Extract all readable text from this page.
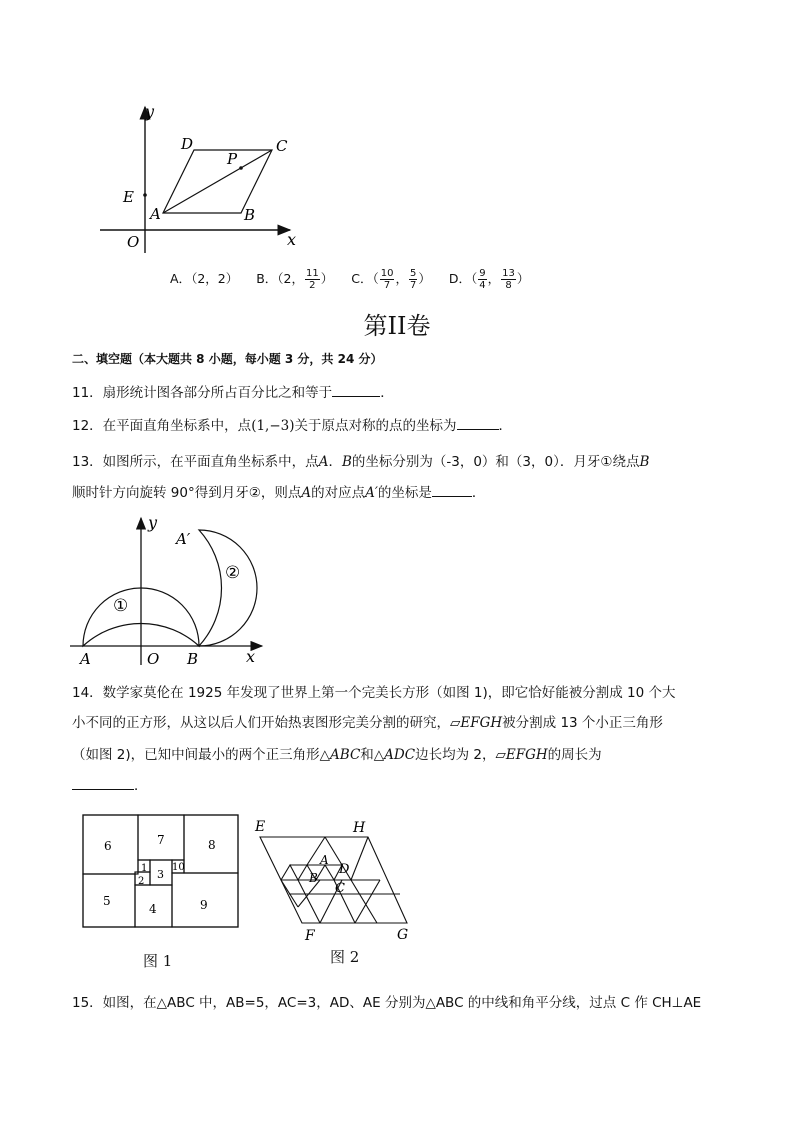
y
x
O
D	C
P
E
A	B
A．（2，2） B．（2， $\frac{11}{2}$ ） C．（ $\frac{10}{7}$ ， $\frac{5}{7}$ ） D．（ $\frac{9}{4}$ ， $\frac{13}{8}$ ）
第II卷
二、填空题（本大题共 8 小题，每小题 3 分，共 24 分）
11．扇形统计图各部分所占百分比之和等于	．
12．在平面直角坐标系中，点(1,−3)关于原点对称的点的坐标为	．
13．如图所示，在平面直角坐标系中，点A．B的坐标分别为（-3，0）和（3，0）．月牙①绕点B
顺时针方向旋转 90°得到月牙②，则点A的对应点A′的坐标是	．
y
x
A′
②
①
A	O B
14．数学家莫伦在 1925 年发现了世界上第一个完美长方形（如图 1)，即它恰好能被分割成 10 个大
小不同的正方形，从这以后人们开始热衷图形完美分割的研究，▱EFGH被分割成 13 个小正三角形
（如图 2)，已知中间最小的两个正三角形△ABC和△ADC边长均为 2，▱EFGH的周长为
．
6	7	8
1 10
2
3
5
4	9
图 1
E	H
A
D
B
C
F	G
图 2
15．如图，在△ABC 中，AB=5，AC=3，AD、AE 分别为△ABC 的中线和角平分线，过点 C 作 CH⊥AE
